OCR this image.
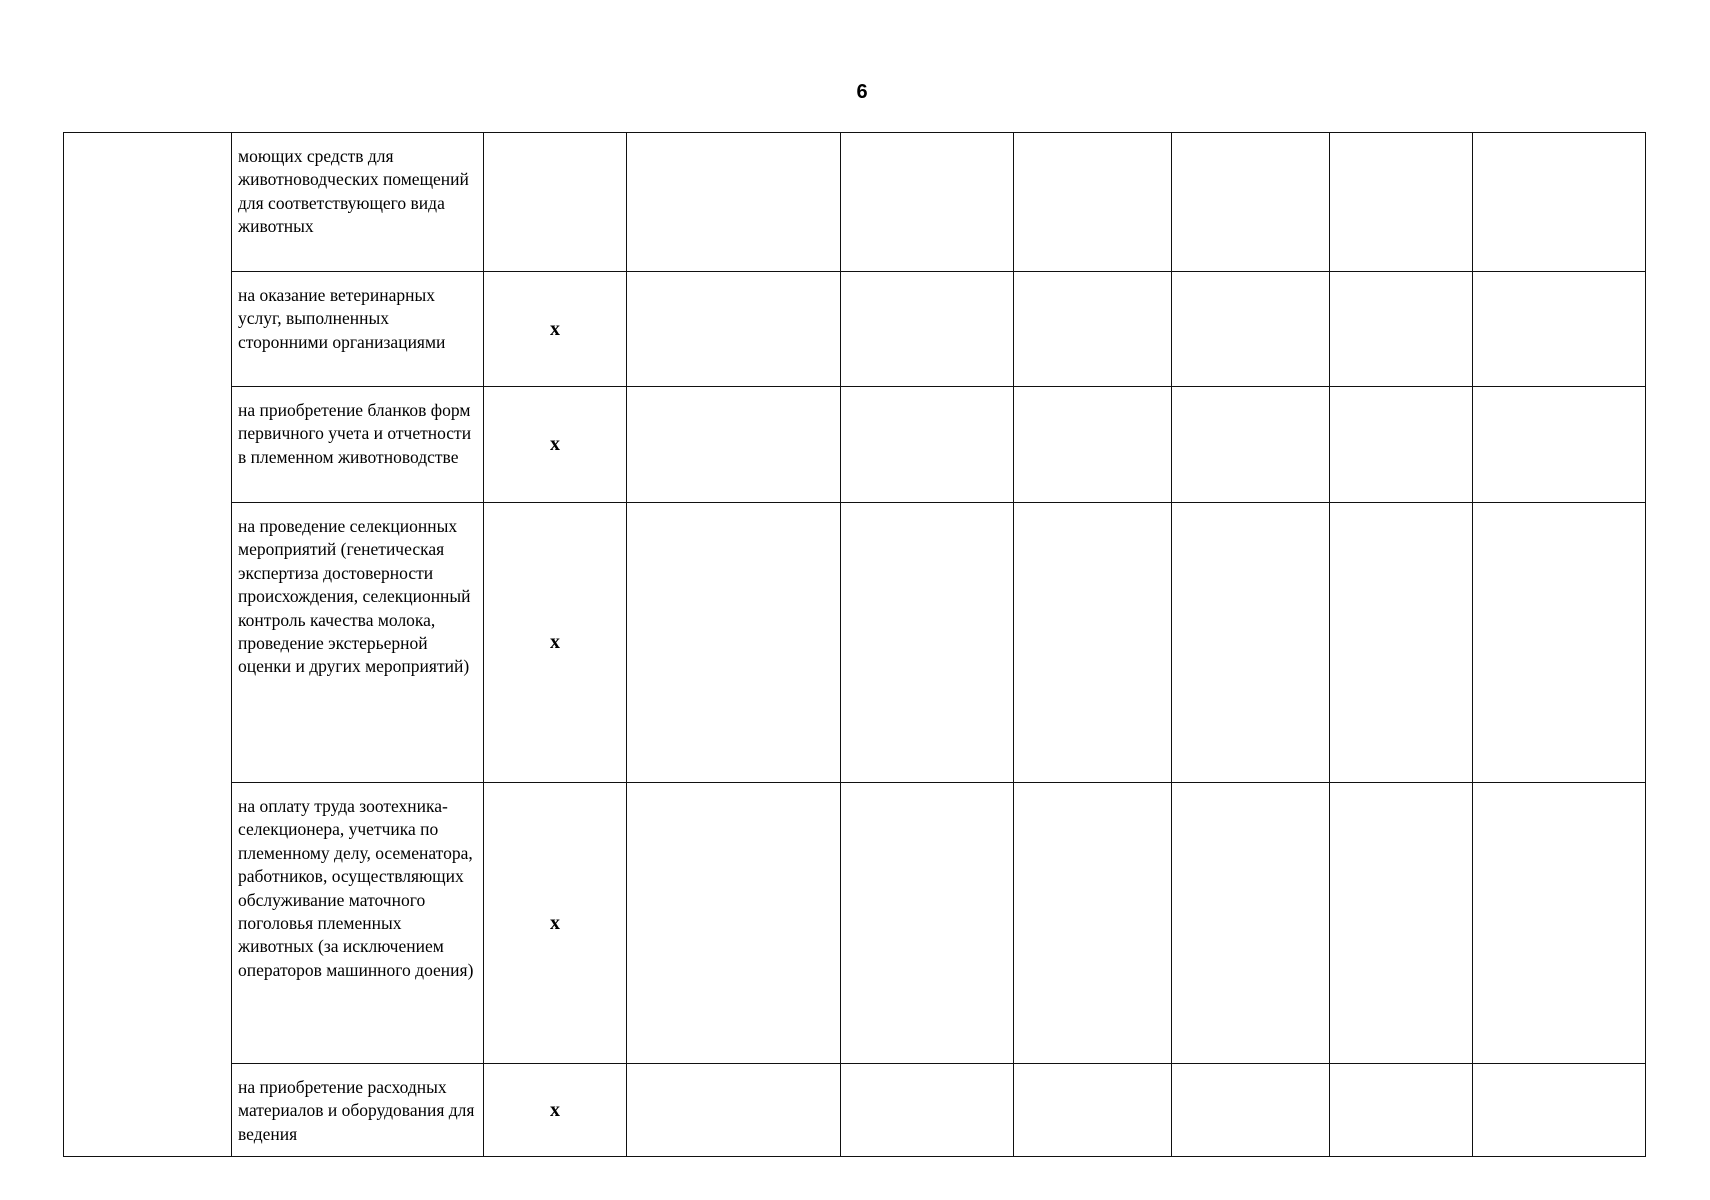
6
	моющих средств для животноводческих помещений для соответствующего вида животных							
	на оказание ветеринарных услуг, выполненных сторонними организациями	х						
	на приобретение бланков форм первичного учета и отчетности в племенном животноводстве	х						
	на проведение селекционных мероприятий (генетическая экспертиза достоверности происхождения, селекционный контроль качества молока, проведение экстерьерной оценки и других мероприятий)	х						
	на оплату труда зоотехника-селекционера, учетчика по племенному делу, осеменатора, работников, осуществляющих обслуживание маточного поголовья племенных животных (за исключением операторов машинного доения)	х						
	на приобретение расходных материалов и оборудования для ведения	х						
